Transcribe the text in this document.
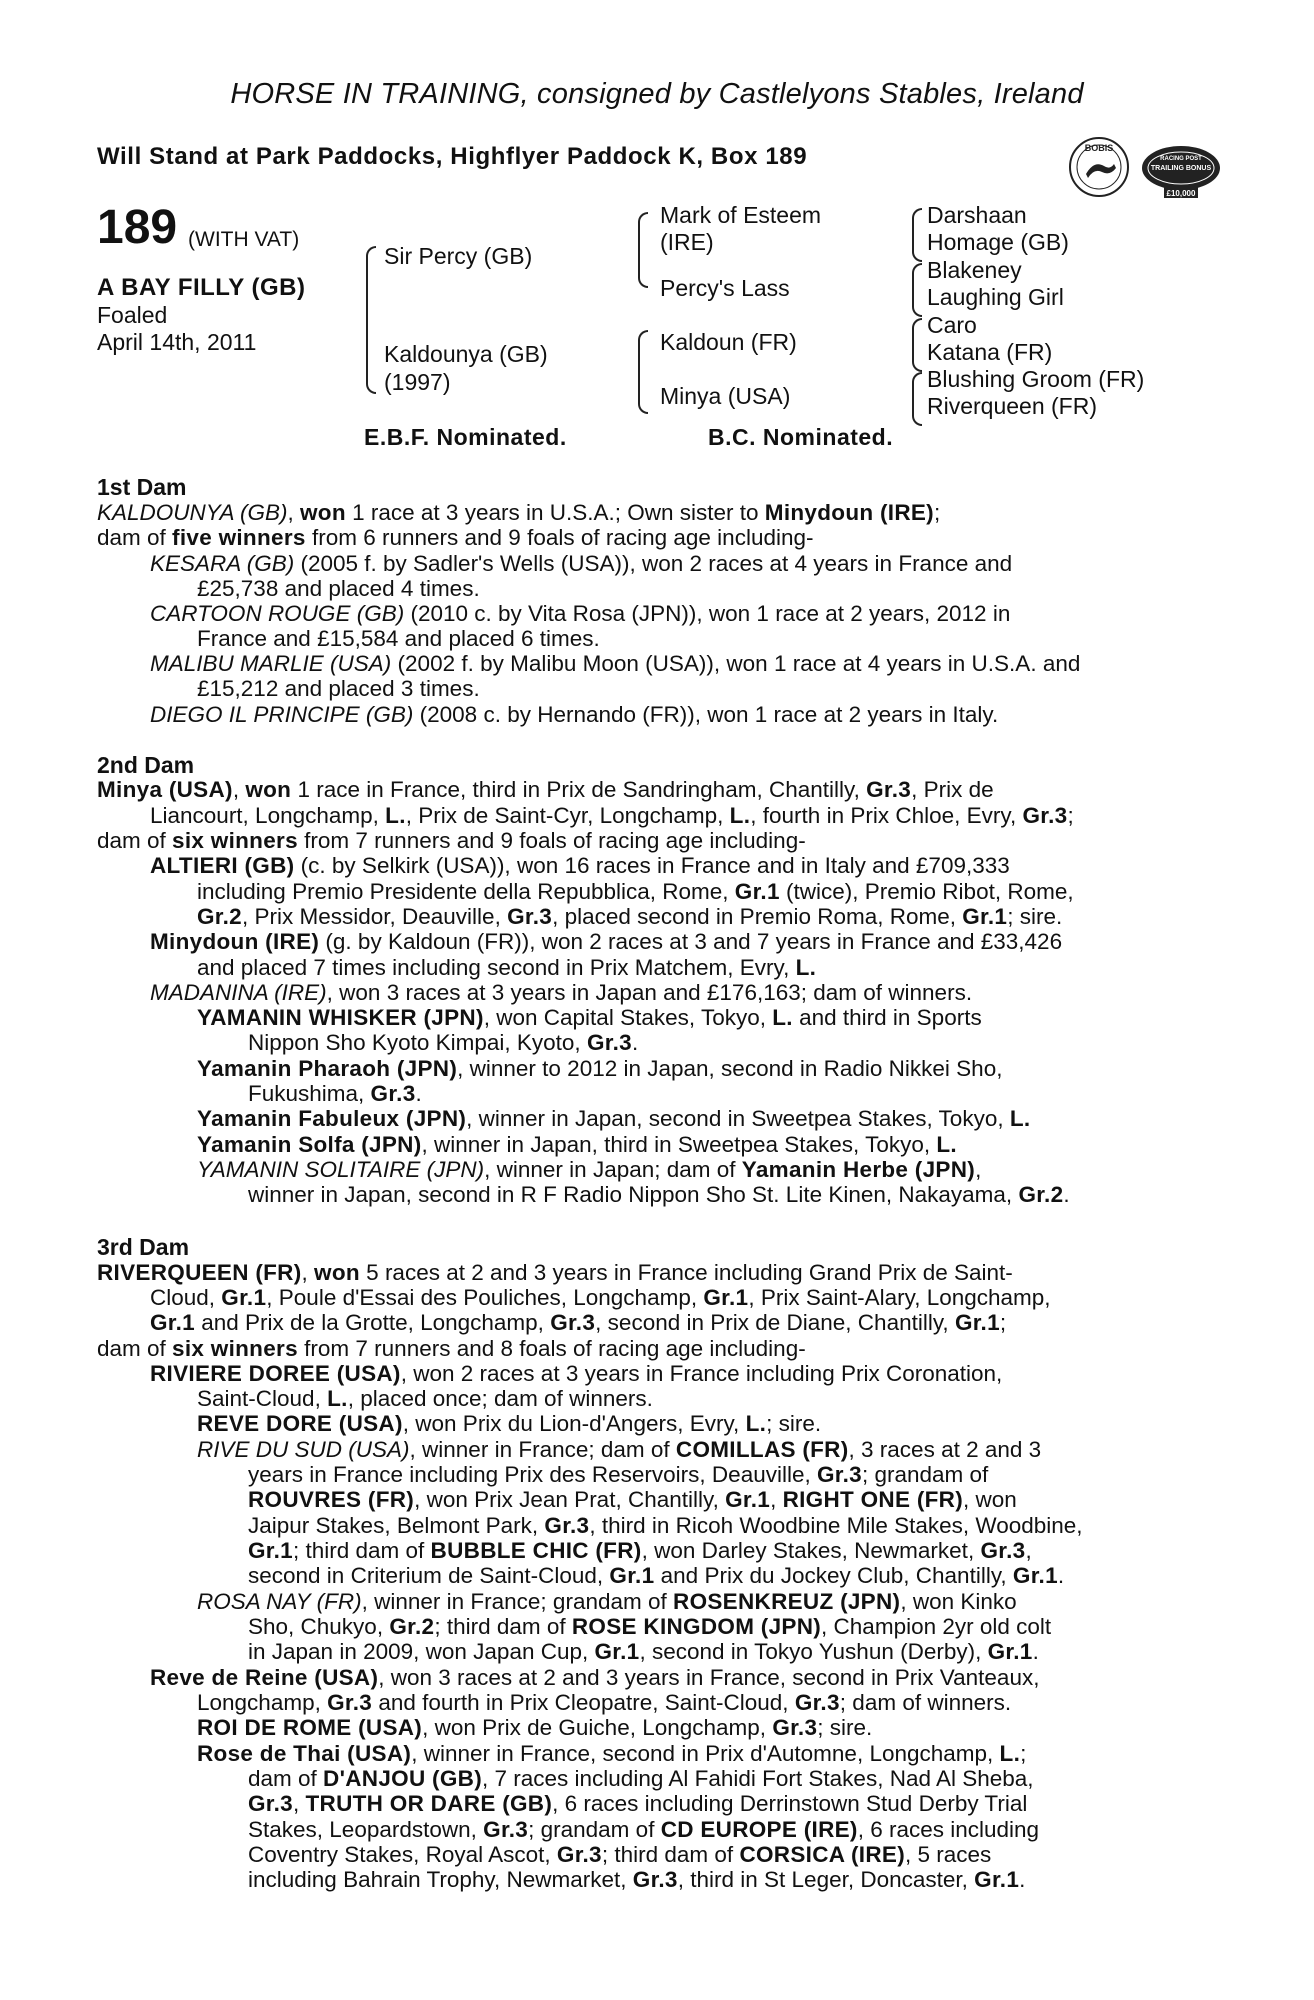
HORSE IN TRAINING, consigned by Castlelyons Stables, Ireland
Will Stand at Park Paddocks, Highflyer Paddock K, Box 189	BOBIS
RACING POST
TRAILING BONUS
£10,000
189 (WITH VAT)
A BAY FILLY (GB)
Foaled
April 14th, 2011
Sir Percy (GB)
Kaldounya (GB)
(1997)
Mark of Esteem
(IRE)
Percy's Lass
Kaldoun (FR)
Minya (USA)
Darshaan
Homage (GB)
Blakeney
Laughing Girl
Caro
Katana (FR)
Blushing Groom (FR)
Riverqueen (FR)
E.B.F. Nominated.	B.C. Nominated.
1st Dam
KALDOUNYA (GB), won 1 race at 3 years in U.S.A.; Own sister to Minydoun (IRE);
dam of five winners from 6 runners and 9 foals of racing age including-
KESARA (GB) (2005 f. by Sadler's Wells (USA)), won 2 races at 4 years in France and
£25,738 and placed 4 times.
CARTOON ROUGE (GB) (2010 c. by Vita Rosa (JPN)), won 1 race at 2 years, 2012 in
France and £15,584 and placed 6 times.
MALIBU MARLIE (USA) (2002 f. by Malibu Moon (USA)), won 1 race at 4 years in U.S.A. and
£15,212 and placed 3 times.
DIEGO IL PRINCIPE (GB) (2008 c. by Hernando (FR)), won 1 race at 2 years in Italy.
2nd Dam
Minya (USA), won 1 race in France, third in Prix de Sandringham, Chantilly, Gr.3, Prix de
Liancourt, Longchamp, L., Prix de Saint-Cyr, Longchamp, L., fourth in Prix Chloe, Evry, Gr.3;
dam of six winners from 7 runners and 9 foals of racing age including-
ALTIERI (GB) (c. by Selkirk (USA)), won 16 races in France and in Italy and £709,333
including Premio Presidente della Repubblica, Rome, Gr.1 (twice), Premio Ribot, Rome,
Gr.2, Prix Messidor, Deauville, Gr.3, placed second in Premio Roma, Rome, Gr.1; sire.
Minydoun (IRE) (g. by Kaldoun (FR)), won 2 races at 3 and 7 years in France and £33,426
and placed 7 times including second in Prix Matchem, Evry, L.
MADANINA (IRE), won 3 races at 3 years in Japan and £176,163; dam of winners.
YAMANIN WHISKER (JPN), won Capital Stakes, Tokyo, L. and third in Sports
Nippon Sho Kyoto Kimpai, Kyoto, Gr.3.
Yamanin Pharaoh (JPN), winner to 2012 in Japan, second in Radio Nikkei Sho,
Fukushima, Gr.3.
Yamanin Fabuleux (JPN), winner in Japan, second in Sweetpea Stakes, Tokyo, L.
Yamanin Solfa (JPN), winner in Japan, third in Sweetpea Stakes, Tokyo, L.
YAMANIN SOLITAIRE (JPN), winner in Japan; dam of Yamanin Herbe (JPN),
winner in Japan, second in R F Radio Nippon Sho St. Lite Kinen, Nakayama, Gr.2.
3rd Dam
RIVERQUEEN (FR), won 5 races at 2 and 3 years in France including Grand Prix de Saint-
Cloud, Gr.1, Poule d'Essai des Pouliches, Longchamp, Gr.1, Prix Saint-Alary, Longchamp,
Gr.1 and Prix de la Grotte, Longchamp, Gr.3, second in Prix de Diane, Chantilly, Gr.1;
dam of six winners from 7 runners and 8 foals of racing age including-
RIVIERE DOREE (USA), won 2 races at 3 years in France including Prix Coronation,
Saint-Cloud, L., placed once; dam of winners.
REVE DORE (USA), won Prix du Lion-d'Angers, Evry, L.; sire.
RIVE DU SUD (USA), winner in France; dam of COMILLAS (FR), 3 races at 2 and 3
years in France including Prix des Reservoirs, Deauville, Gr.3; grandam of
ROUVRES (FR), won Prix Jean Prat, Chantilly, Gr.1, RIGHT ONE (FR), won
Jaipur Stakes, Belmont Park, Gr.3, third in Ricoh Woodbine Mile Stakes, Woodbine,
Gr.1; third dam of BUBBLE CHIC (FR), won Darley Stakes, Newmarket, Gr.3,
second in Criterium de Saint-Cloud, Gr.1 and Prix du Jockey Club, Chantilly, Gr.1.
ROSA NAY (FR), winner in France; grandam of ROSENKREUZ (JPN), won Kinko
Sho, Chukyo, Gr.2; third dam of ROSE KINGDOM (JPN), Champion 2yr old colt
in Japan in 2009, won Japan Cup, Gr.1, second in Tokyo Yushun (Derby), Gr.1.
Reve de Reine (USA), won 3 races at 2 and 3 years in France, second in Prix Vanteaux,
Longchamp, Gr.3 and fourth in Prix Cleopatre, Saint-Cloud, Gr.3; dam of winners.
ROI DE ROME (USA), won Prix de Guiche, Longchamp, Gr.3; sire.
Rose de Thai (USA), winner in France, second in Prix d'Automne, Longchamp, L.;
dam of D'ANJOU (GB), 7 races including Al Fahidi Fort Stakes, Nad Al Sheba,
Gr.3, TRUTH OR DARE (GB), 6 races including Derrinstown Stud Derby Trial
Stakes, Leopardstown, Gr.3; grandam of CD EUROPE (IRE), 6 races including
Coventry Stakes, Royal Ascot, Gr.3; third dam of CORSICA (IRE), 5 races
including Bahrain Trophy, Newmarket, Gr.3, third in St Leger, Doncaster, Gr.1.
